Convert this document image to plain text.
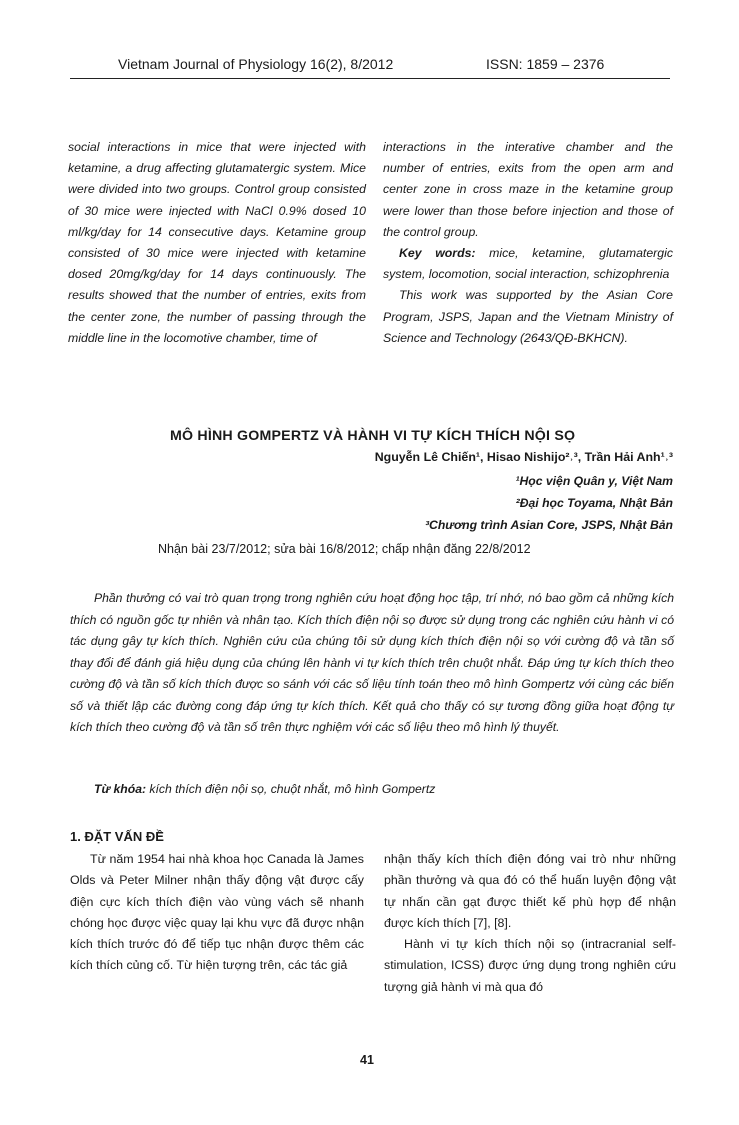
Vietnam Journal of Physiology 16(2), 8/2012	ISSN: 1859 – 2376

social interactions in mice that were injected with ketamine, a drug affecting glutamatergic system. Mice were divided into two groups. Control group consisted of 30 mice were injected with NaCl 0.9% dosed 10 ml/kg/day for 14 consecutive days. Ketamine group consisted of 30 mice were injected with ketamine dosed 20mg/kg/day for 14 days continuously. The results showed that the number of entries, exits from the center zone, the number of passing through the middle line in the locomotive chamber, time of

interactions in the interative chamber and the number of entries, exits from the open arm and center zone in cross maze in the ketamine group were lower than those before injection and those of the control group.

Key words: mice, ketamine, glutamatergic system, locomotion, social interaction, schizophrenia

This work was supported by the Asian Core Program, JSPS, Japan and the Vietnam Ministry of Science and Technology (2643/QĐ-BKHCN).

MÔ HÌNH GOMPERTZ VÀ HÀNH VI TỰ KÍCH THÍCH NỘI SỌ
Nguyễn Lê Chiến¹, Hisao Nishijo²˒³, Trần Hải Anh¹˒³
¹Học viện Quân y, Việt Nam
²Đại học Toyama, Nhật Bản
³Chương trình Asian Core, JSPS, Nhật Bản
Nhận bài 23/7/2012; sửa bài 16/8/2012; chấp nhận đăng 22/8/2012

Phần thưởng có vai trò quan trọng trong nghiên cứu hoạt động học tập, trí nhớ, nó bao gồm cả những kích thích có nguồn gốc tự nhiên và nhân tạo. Kích thích điện nội sọ được sử dụng trong các nghiên cứu hành vi có tác dụng gây tự kích thích. Nghiên cứu của chúng tôi sử dụng kích thích điện nội sọ với cường độ và tần số thay đổi để đánh giá hiệu dụng của chúng lên hành vi tự kích thích trên chuột nhắt. Đáp ứng tự kích thích theo cường độ và tần số kích thích được so sánh với các số liệu tính toán theo mô hình Gompertz với cùng các biến số và thiết lập các đường cong đáp ứng tự kích thích. Kết quả cho thấy có sự tương đồng giữa hoạt động tự kích thích theo cường độ và tần số trên thực nghiệm với các số liệu theo mô hình lý thuyết.

Từ khóa: kích thích điện nội sọ, chuột nhắt, mô hình Gompertz
1. ĐẶT VẤN ĐỀ

Từ năm 1954 hai nhà khoa học Canada là James Olds và Peter Milner nhận thấy động vật được cấy điện cực kích thích điện vào vùng vách sẽ nhanh chóng học được việc quay lại khu vực đã được nhận kích thích trước đó để tiếp tục nhận được thêm các kích thích củng cố. Từ hiện tượng trên, các tác giả

nhận thấy kích thích điện đóng vai trò như những phần thưởng và qua đó có thể huấn luyện động vật tự nhấn cần gạt được thiết kế phù hợp để nhận được kích thích [7], [8].

Hành vi tự kích thích nội sọ (intracranial self-stimulation, ICSS) được ứng dụng trong nghiên cứu tượng giả hành vi mà qua đó

41
